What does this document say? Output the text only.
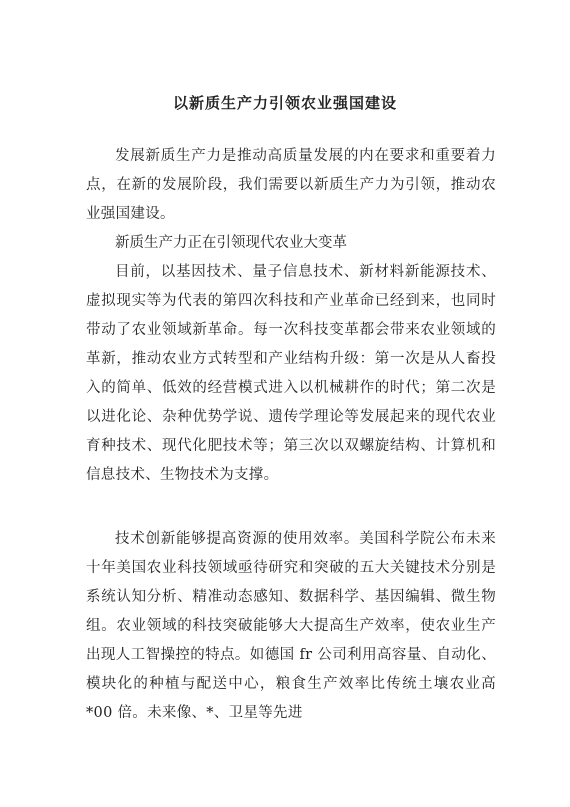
以新质生产力引领农业强国建设
发展新质生产力是推动高质量发展的内在要求和重要着力点，在新的发展阶段，我们需要以新质生产力为引领，推动农业强国建设。
新质生产力正在引领现代农业大变革
目前，以基因技术、量子信息技术、新材料新能源技术、虚拟现实等为代表的第四次科技和产业革命已经到来，也同时带动了农业领域新革命。每一次科技变革都会带来农业领域的革新，推动农业方式转型和产业结构升级：第一次是从人畜投入的简单、低效的经营模式进入以机械耕作的时代；第二次是以进化论、杂种优势学说、遗传学理论等发展起来的现代农业育种技术、现代化肥技术等；第三次以双螺旋结构、计算机和信息技术、生物技术为支撑。
技术创新能够提高资源的使用效率。美国科学院公布未来十年美国农业科技领域亟待研究和突破的五大关键技术分别是系统认知分析、精准动态感知、数据科学、基因编辑、微生物组。农业领域的科技突破能够大大提高生产效率，使农业生产出现人工智操控的特点。如德国 fr 公司利用高容量、自动化、模块化的种植与配送中心，粮食生产效率比传统土壤农业高*00 倍。未来像、*、卫星等先进
